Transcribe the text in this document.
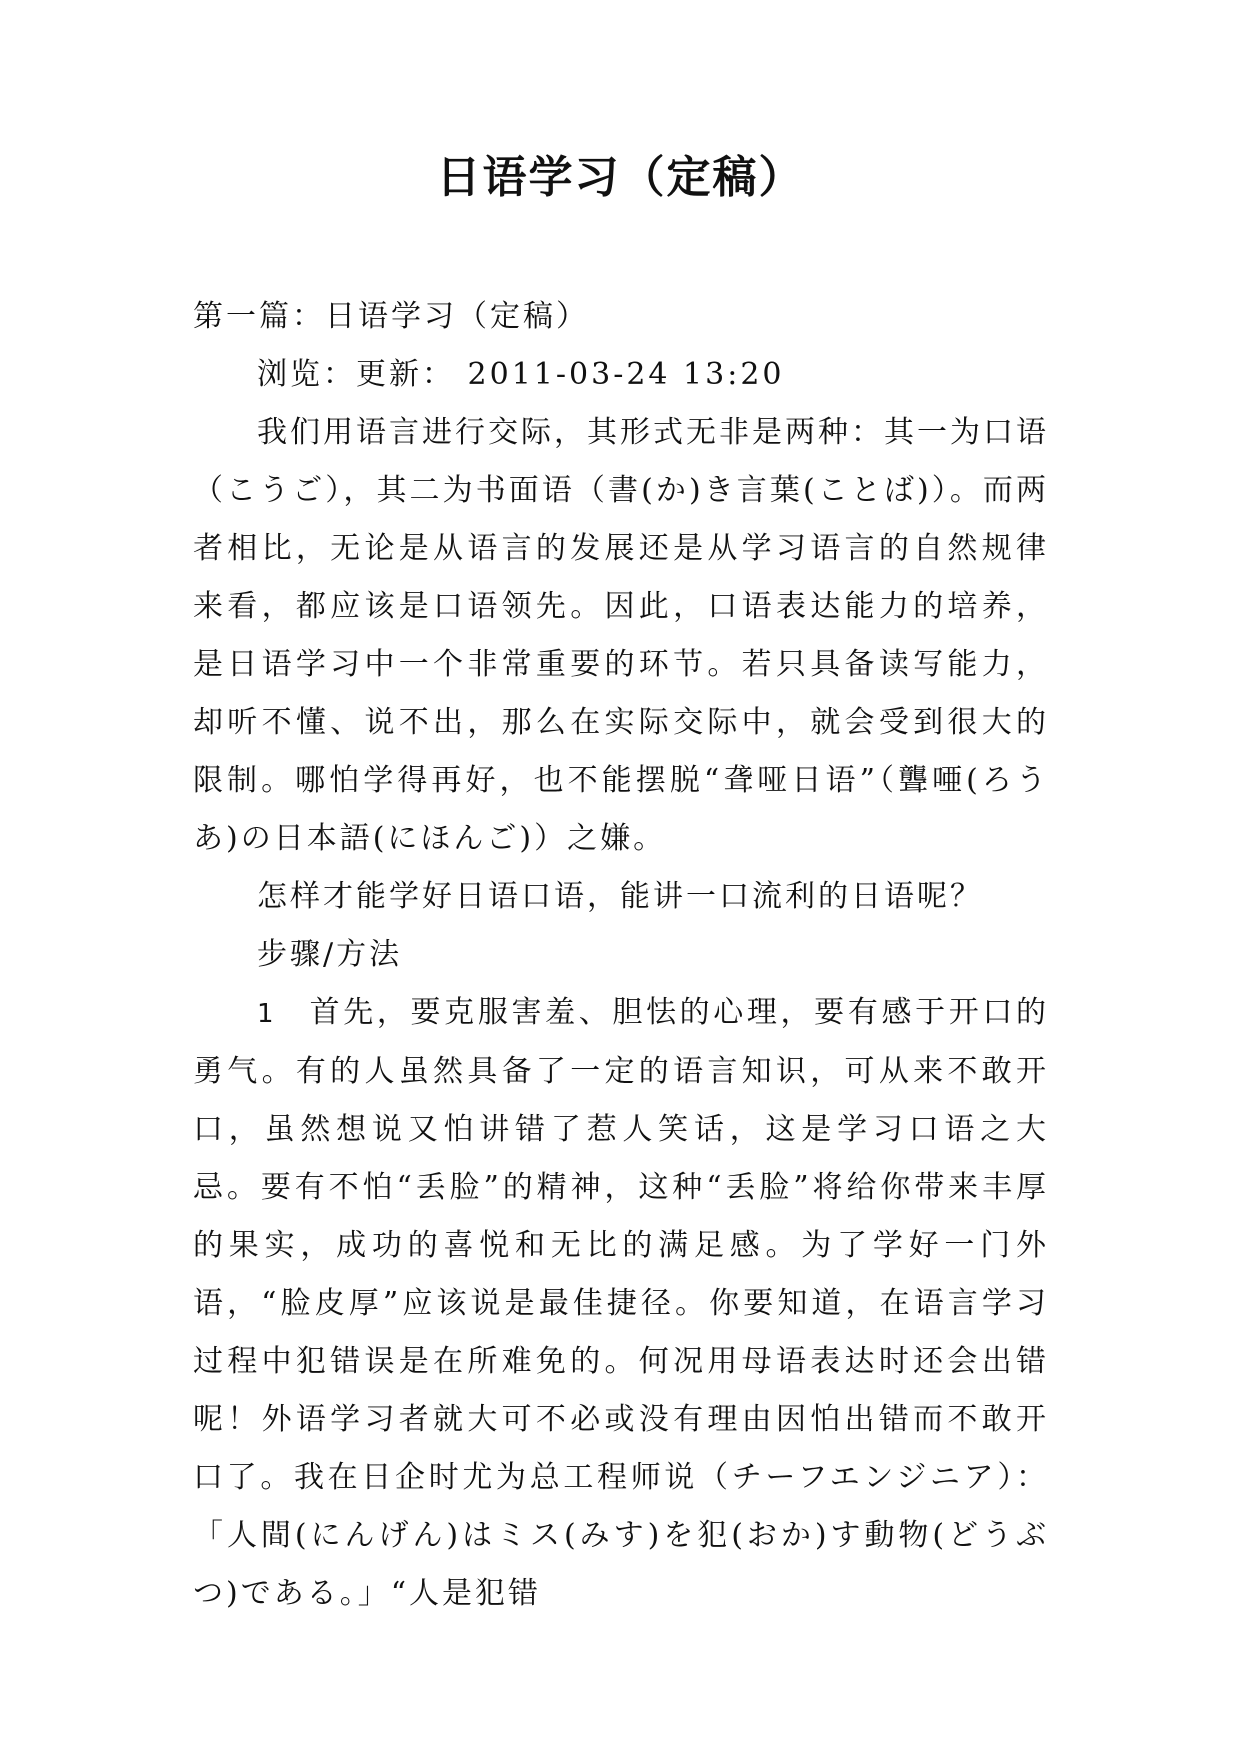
日语学习（定稿）

第一篇：日语学习（定稿）

浏览：更新： 2011-03-24 13:20

我们用语言进行交际，其形式无非是两种：其一为口语（こうご），其二为书面语（書(か)き言葉(ことば)）。而两者相比，无论是从语言的发展还是从学习语言的自然规律来看，都应该是口语领先。因此，口语表达能力的培养，是日语学习中一个非常重要的环节。若只具备读写能力，却听不懂、说不出，那么在实际交际中，就会受到很大的限制。哪怕学得再好，也不能摆脱“聋哑日语”（聾唖(ろうあ)の日本語(にほんご)）之嫌。

怎样才能学好日语口语，能讲一口流利的日语呢？

步骤/方法

1 首先，要克服害羞、胆怯的心理，要有感于开口的勇气。有的人虽然具备了一定的语言知识，可从来不敢开口，虽然想说又怕讲错了惹人笑话，这是学习口语之大忌。要有不怕“丢脸”的精神，这种“丢脸”将给你带来丰厚的果实，成功的喜悦和无比的满足感。为了学好一门外语，“脸皮厚”应该说是最佳捷径。你要知道，在语言学习过程中犯错误是在所难免的。何况用母语表达时还会出错呢！外语学习者就大可不必或没有理由因怕出错而不敢开口了。我在日企时尤为总工程师说（チーフエンジニア）：「人間(にんげん)はミス(みす)を犯(おか)す動物(どうぶつ)である。」“人是犯错
